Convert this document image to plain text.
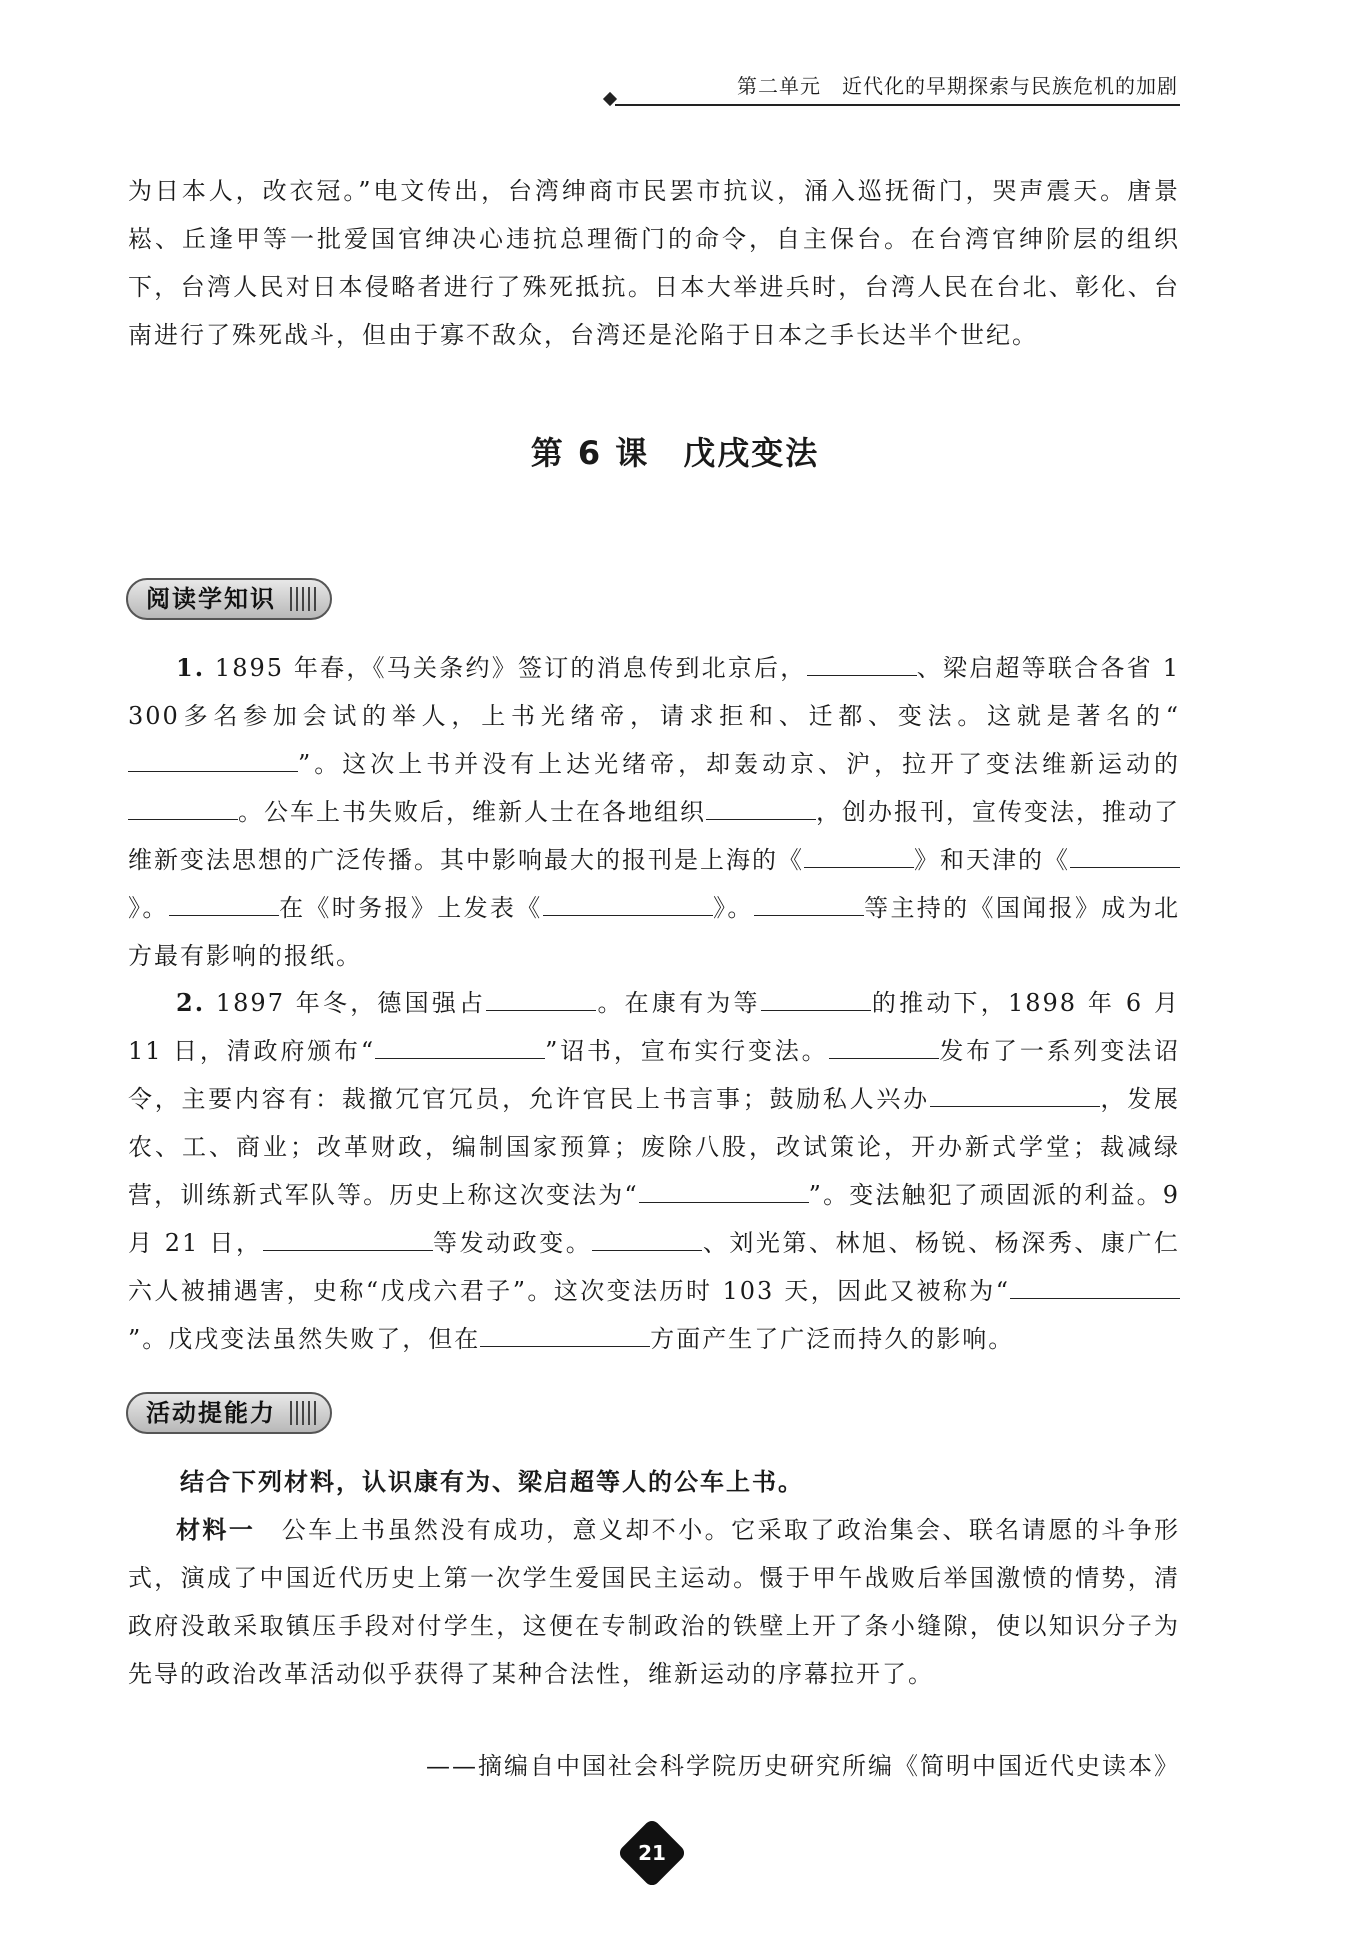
第二单元　近代化的早期探索与民族危机的加剧
为日本人，改衣冠。”电文传出，台湾绅商市民罢市抗议，涌入巡抚衙门，哭声震天。唐景崧、丘逢甲等一批爱国官绅决心违抗总理衙门的命令，自主保台。在台湾官绅阶层的组织下，台湾人民对日本侵略者进行了殊死抵抗。日本大举进兵时，台湾人民在台北、彰化、台南进行了殊死战斗，但由于寡不敌众，台湾还是沦陷于日本之手长达半个世纪。
第 6 课　戊戌变法
阅读学知识
1. 1895 年春，《马关条约》签订的消息传到北京后，	、梁启超等联合各省 1 300多名参加会试的举人，上书光绪帝，请求拒和、迁都、变法。这就是著名的“”。这次上书并没有上达光绪帝，却轰动京、沪，拉开了变法维新运动的。公车上书失败后，维新人士在各地组织	，创办报刊，宣传变法，推动了维新变法思想的广泛传播。其中影响最大的报刊是上海的《	》和天津的《》。	在《时务报》上发表《	》。	等主持的《国闻报》成为北方最有影响的报纸。
2. 1897 年冬，德国强占	。在康有为等	的推动下，1898 年 6 月 11 日，清政府颁布“	”诏书，宣布实行变法。	发布了一系列变法诏令，主要内容有：裁撤冗官冗员，允许官民上书言事；鼓励私人兴办	，发展农、工、商业；改革财政，编制国家预算；废除八股，改试策论，开办新式学堂；裁减绿营，训练新式军队等。历史上称这次变法为“	”。变法触犯了顽固派的利益。9 月 21 日，	等发动政变。	、刘光第、林旭、杨锐、杨深秀、康广仁六人被捕遇害，史称“戊戌六君子”。这次变法历时 103 天，因此又被称为“”。戊戌变法虽然失败了，但在	方面产生了广泛而持久的影响。
活动提能力
结合下列材料，认识康有为、梁启超等人的公车上书。
材料一　公车上书虽然没有成功，意义却不小。它采取了政治集会、联名请愿的斗争形式，演成了中国近代历史上第一次学生爱国民主运动。慑于甲午战败后举国激愤的情势，清政府没敢采取镇压手段对付学生，这便在专制政治的铁壁上开了条小缝隙，使以知识分子为先导的政治改革活动似乎获得了某种合法性，维新运动的序幕拉开了。
——摘编自中国社会科学院历史研究所编《简明中国近代史读本》
21
